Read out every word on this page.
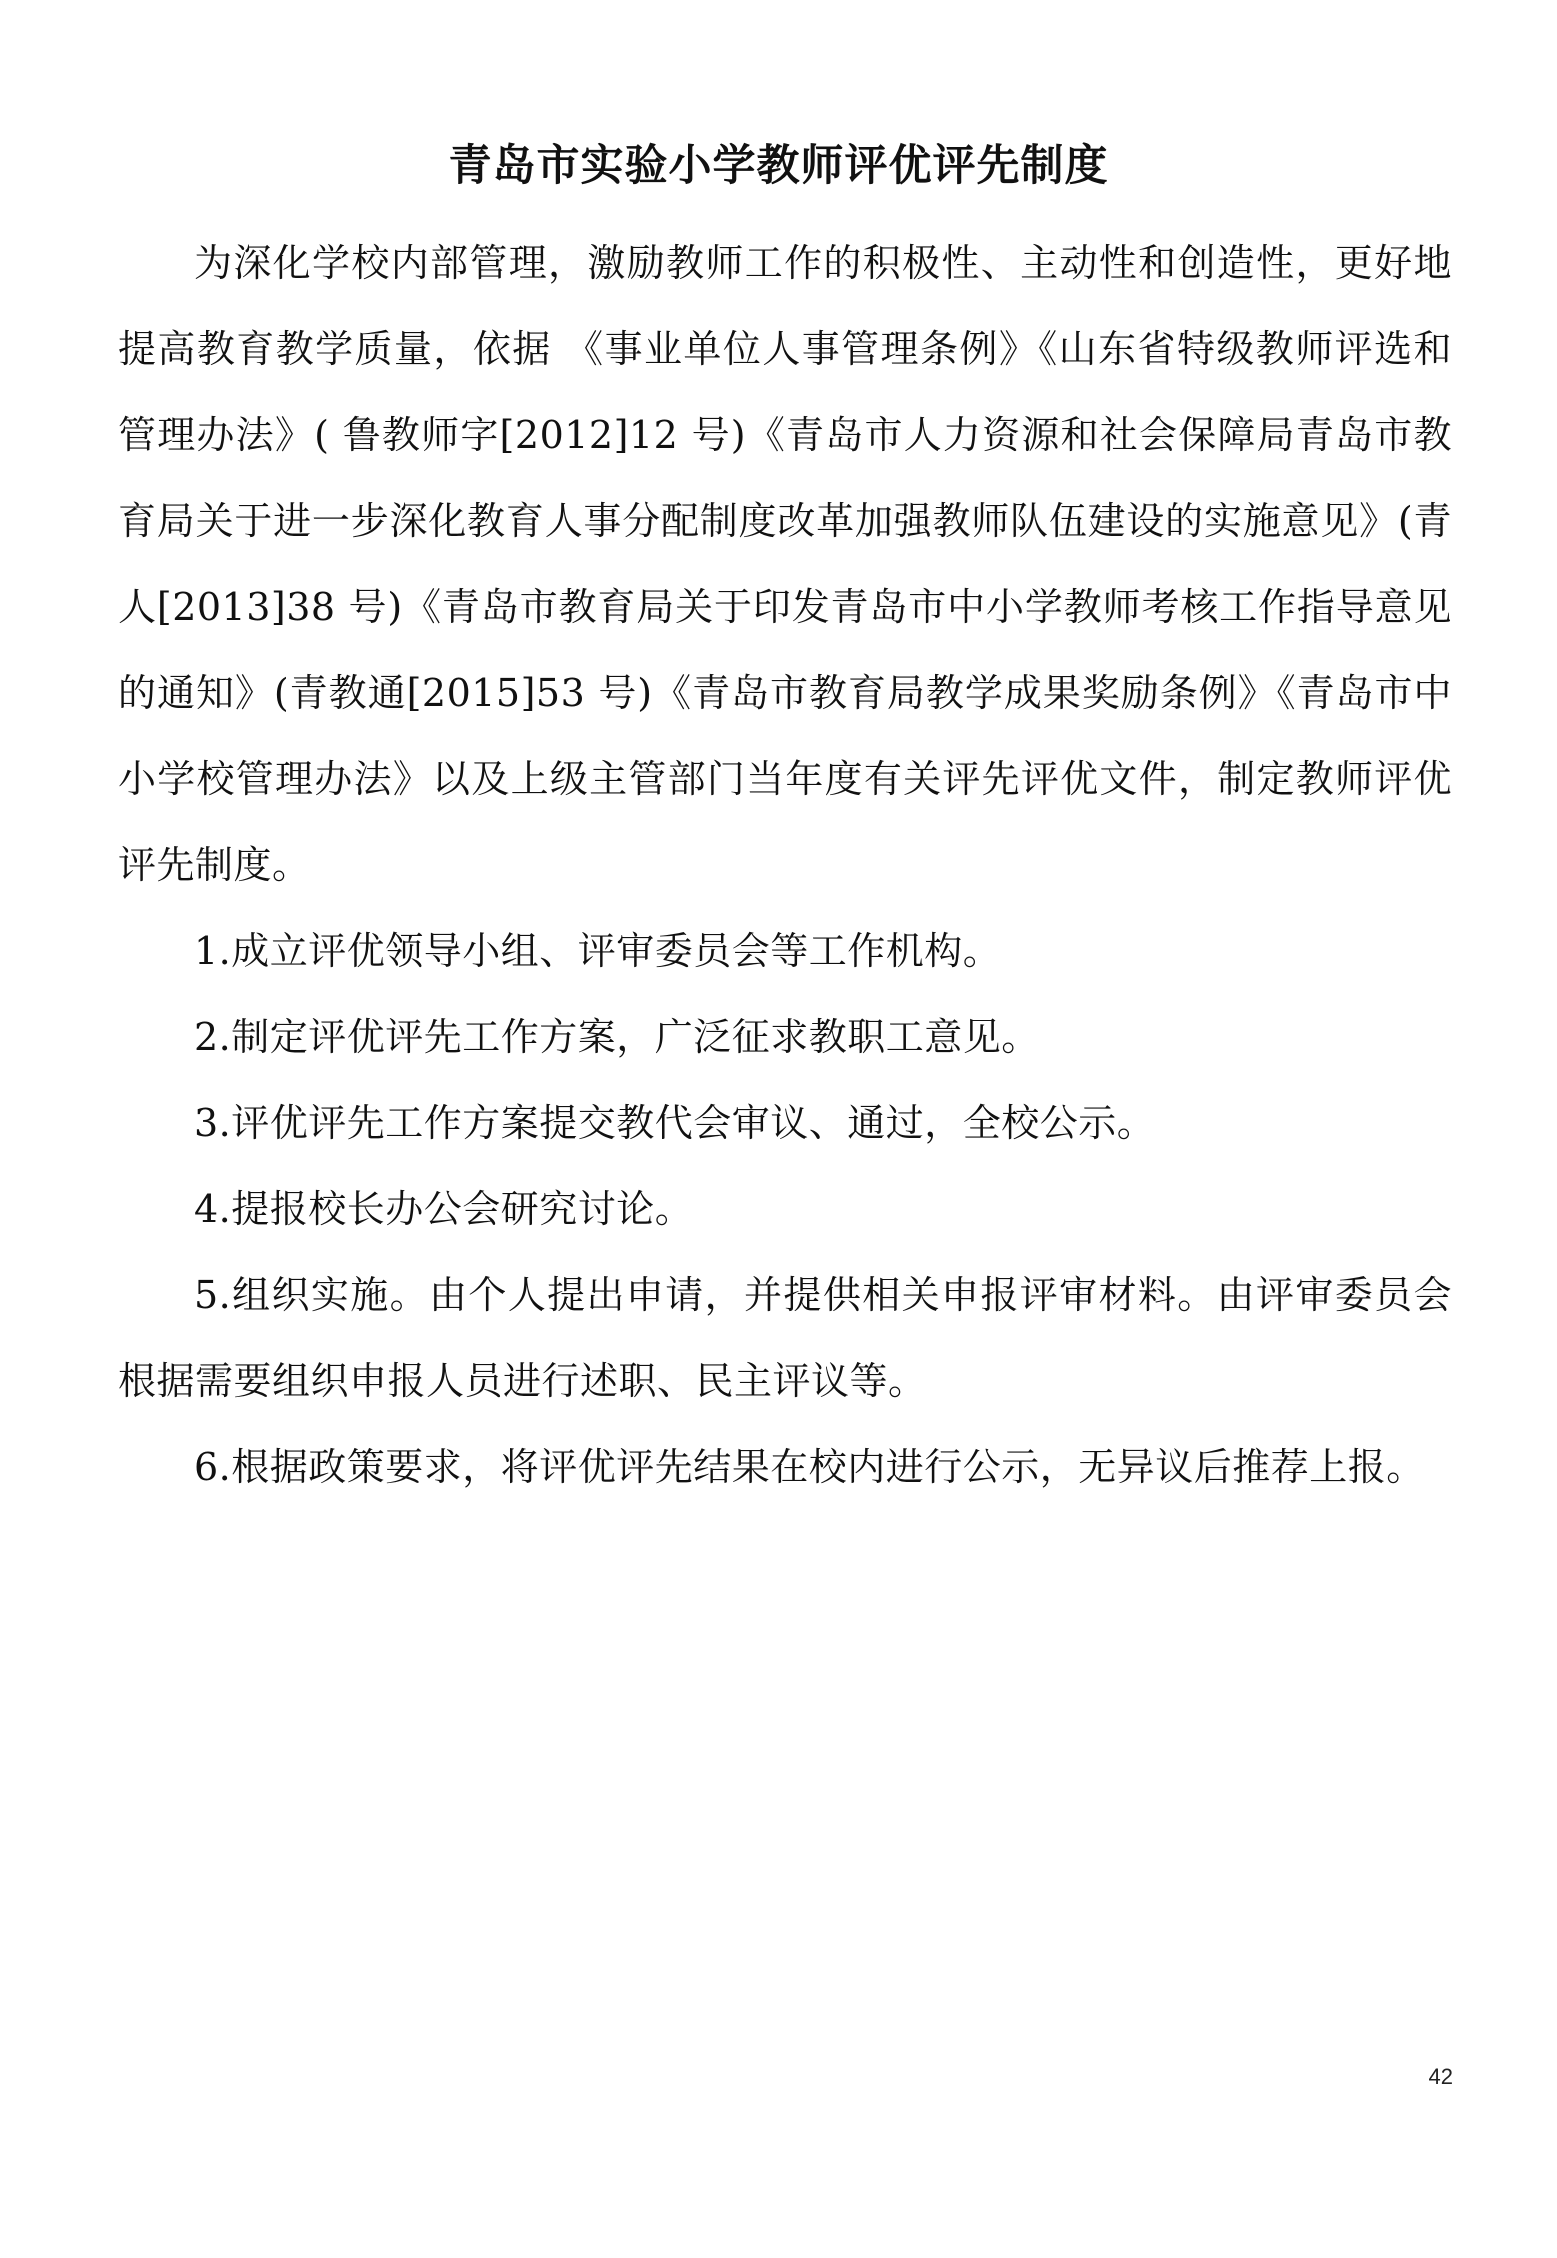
青岛市实验小学教师评优评先制度

为深化学校内部管理，激励教师工作的积极性、主动性和创造性，更好地提高教育教学质量，依据 《事业单位人事管理条例》《山东省特级教师评选和管理办法》( 鲁教师字[2012]12 号)《青岛市人力资源和社会保障局青岛市教育局关于进一步深化教育人事分配制度改革加强教师队伍建设的实施意见》(青人[2013]38 号)《青岛市教育局关于印发青岛市中小学教师考核工作指导意见的通知》(青教通[2015]53 号)《青岛市教育局教学成果奖励条例》《青岛市中小学校管理办法》以及上级主管部门当年度有关评先评优文件，制定教师评优评先制度。

1.成立评优领导小组、评审委员会等工作机构。
2.制定评优评先工作方案，广泛征求教职工意见。
3.评优评先工作方案提交教代会审议、通过，全校公示。
4.提报校长办公会研究讨论。
5.组织实施。由个人提出申请，并提供相关申报评审材料。由评审委员会根据需要组织申报人员进行述职、民主评议等。
6.根据政策要求，将评优评先结果在校内进行公示，无异议后推荐上报。
42
